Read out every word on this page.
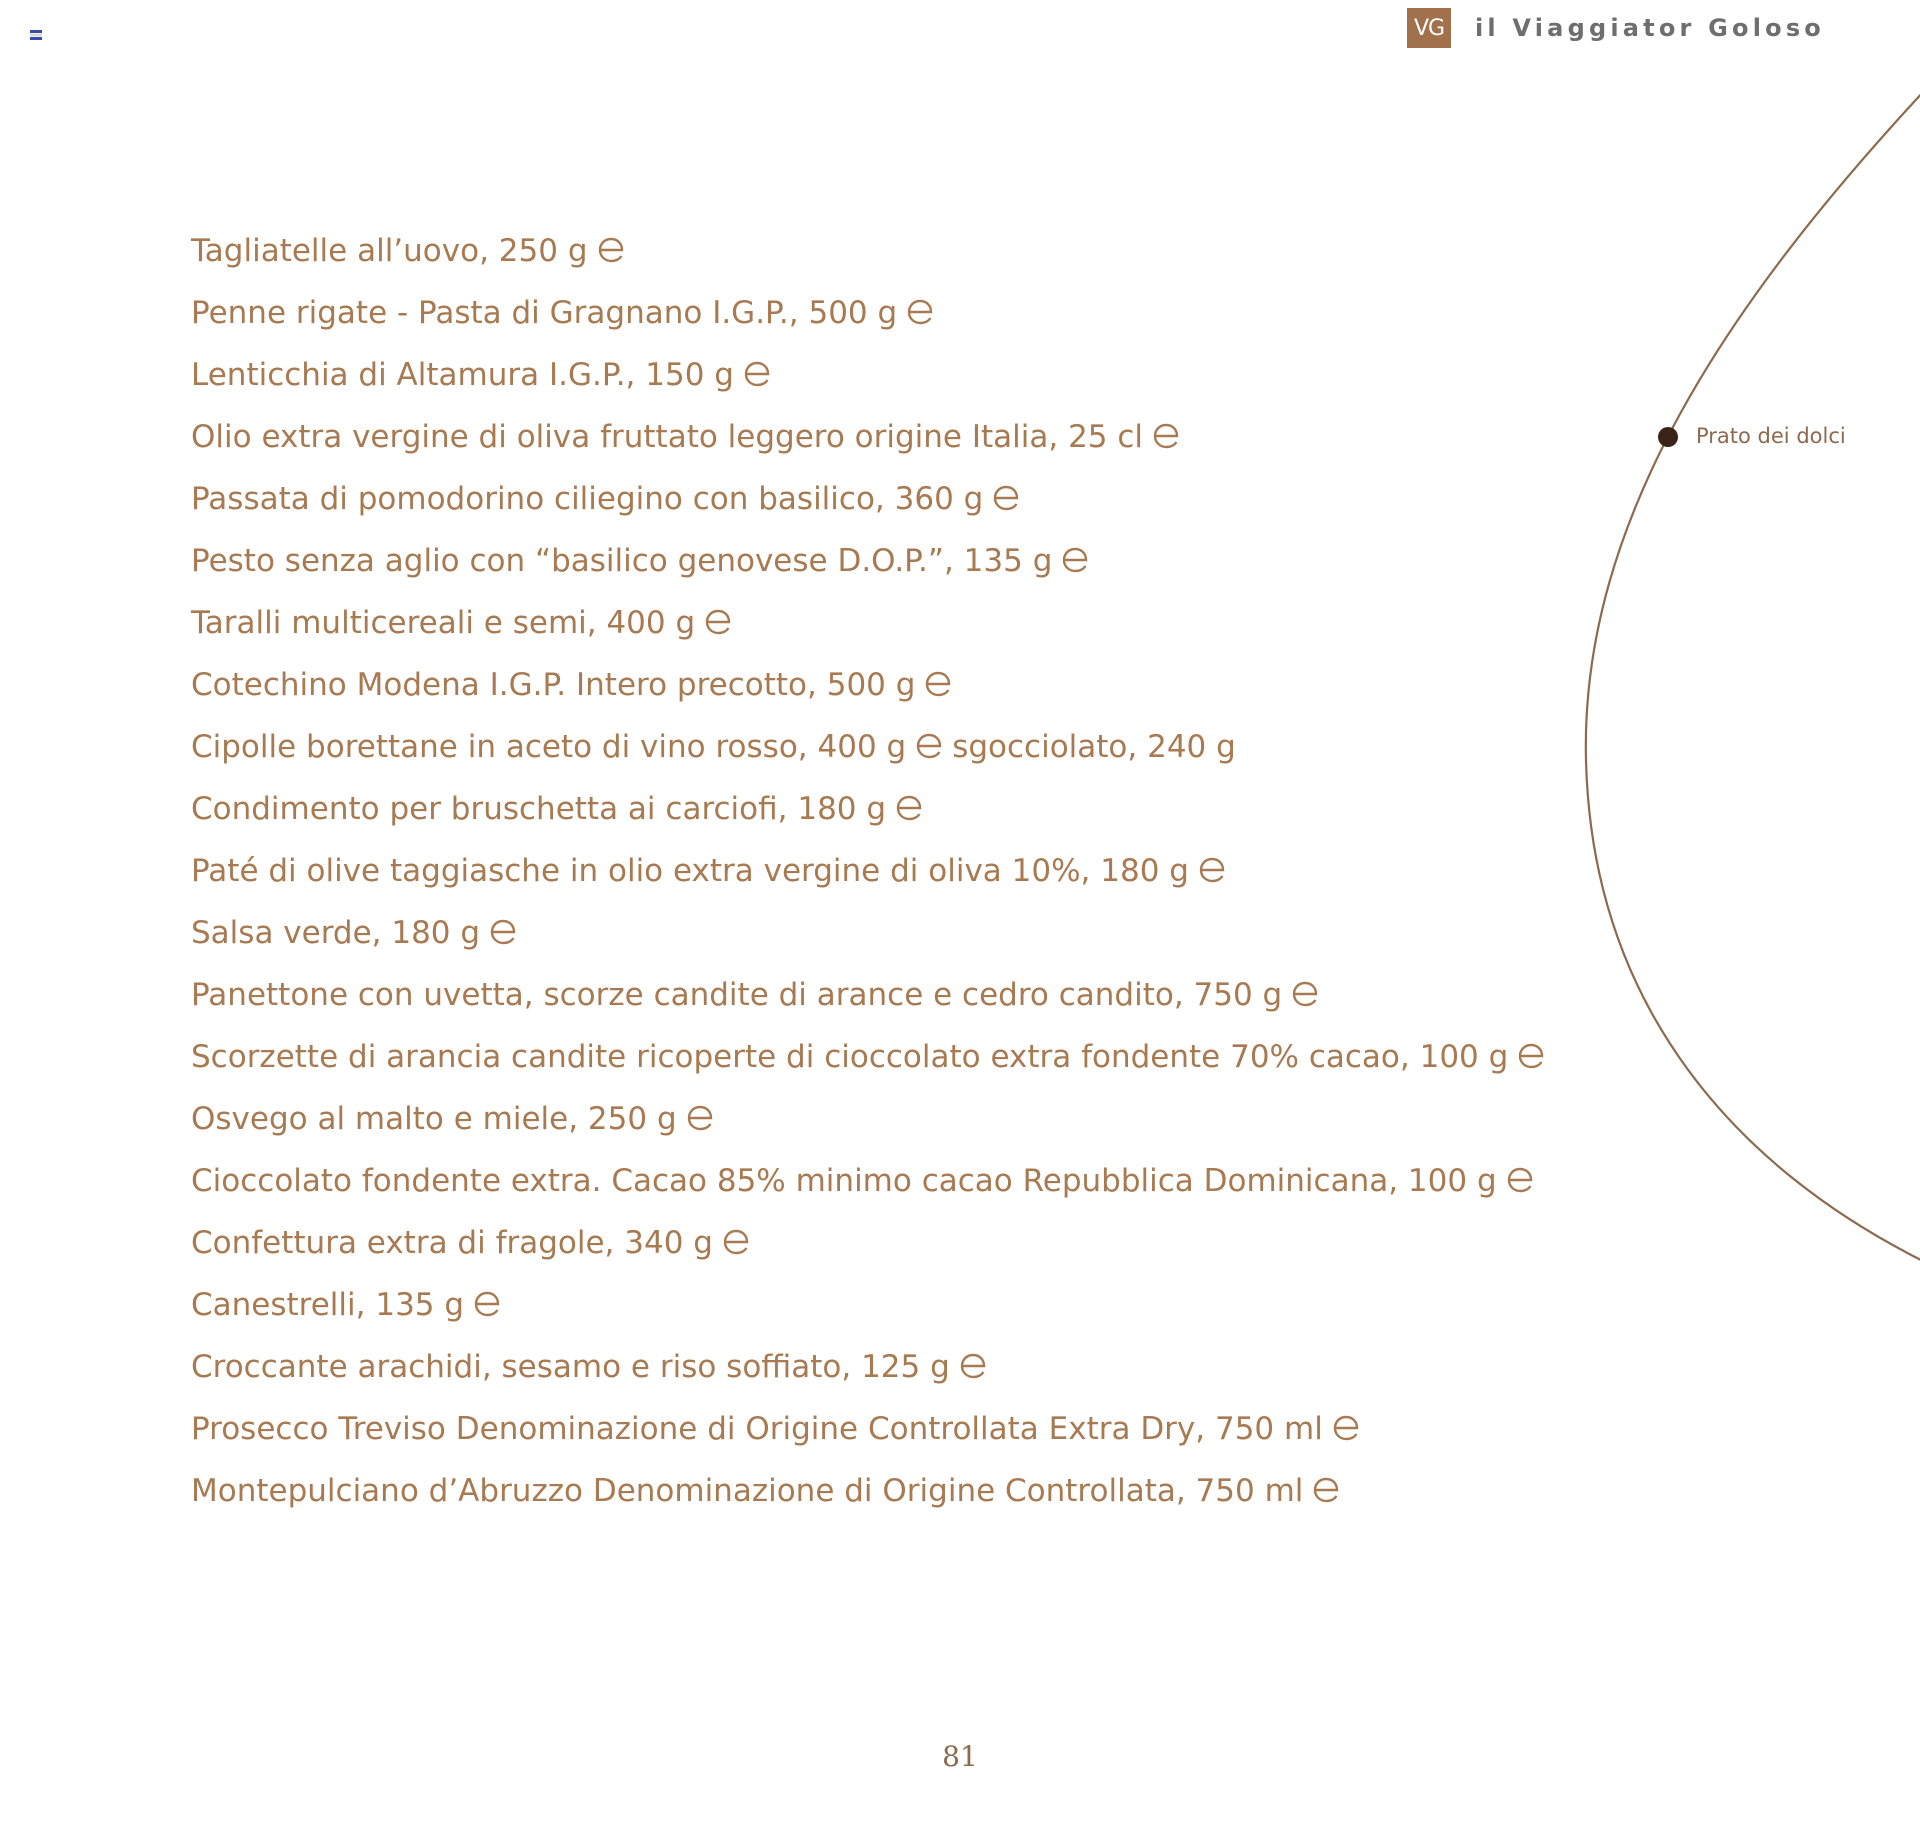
VG il Viaggiator Goloso
Prato dei dolci
Tagliatelle all’uovo, 250 g
Penne rigate - Pasta di Gragnano I.G.P., 500 g
Lenticchia di Altamura I.G.P., 150 g
Olio extra vergine di oliva fruttato leggero origine Italia, 25 cl
Passata di pomodorino ciliegino con basilico, 360 g
Pesto senza aglio con “basilico genovese D.O.P.”, 135 g
Taralli multicereali e semi, 400 g
Cotechino Modena I.G.P. Intero precotto, 500 g
Cipolle borettane in aceto di vino rosso, 400 g sgocciolato, 240 g
Condimento per bruschetta ai carciofi, 180 g
Paté di olive taggiasche in olio extra vergine di oliva 10%, 180 g
Salsa verde, 180 g
Panettone con uvetta, scorze candite di arance e cedro candito, 750 g
Scorzette di arancia candite ricoperte di cioccolato extra fondente 70% cacao, 100 g
Osvego al malto e miele, 250 g
Cioccolato fondente extra. Cacao 85% minimo cacao Repubblica Dominicana, 100 g
Confettura extra di fragole, 340 g
Canestrelli, 135 g
Croccante arachidi, sesamo e riso soffiato, 125 g
Prosecco Treviso Denominazione di Origine Controllata Extra Dry, 750 ml
Montepulciano d’Abruzzo Denominazione di Origine Controllata, 750 ml
81
